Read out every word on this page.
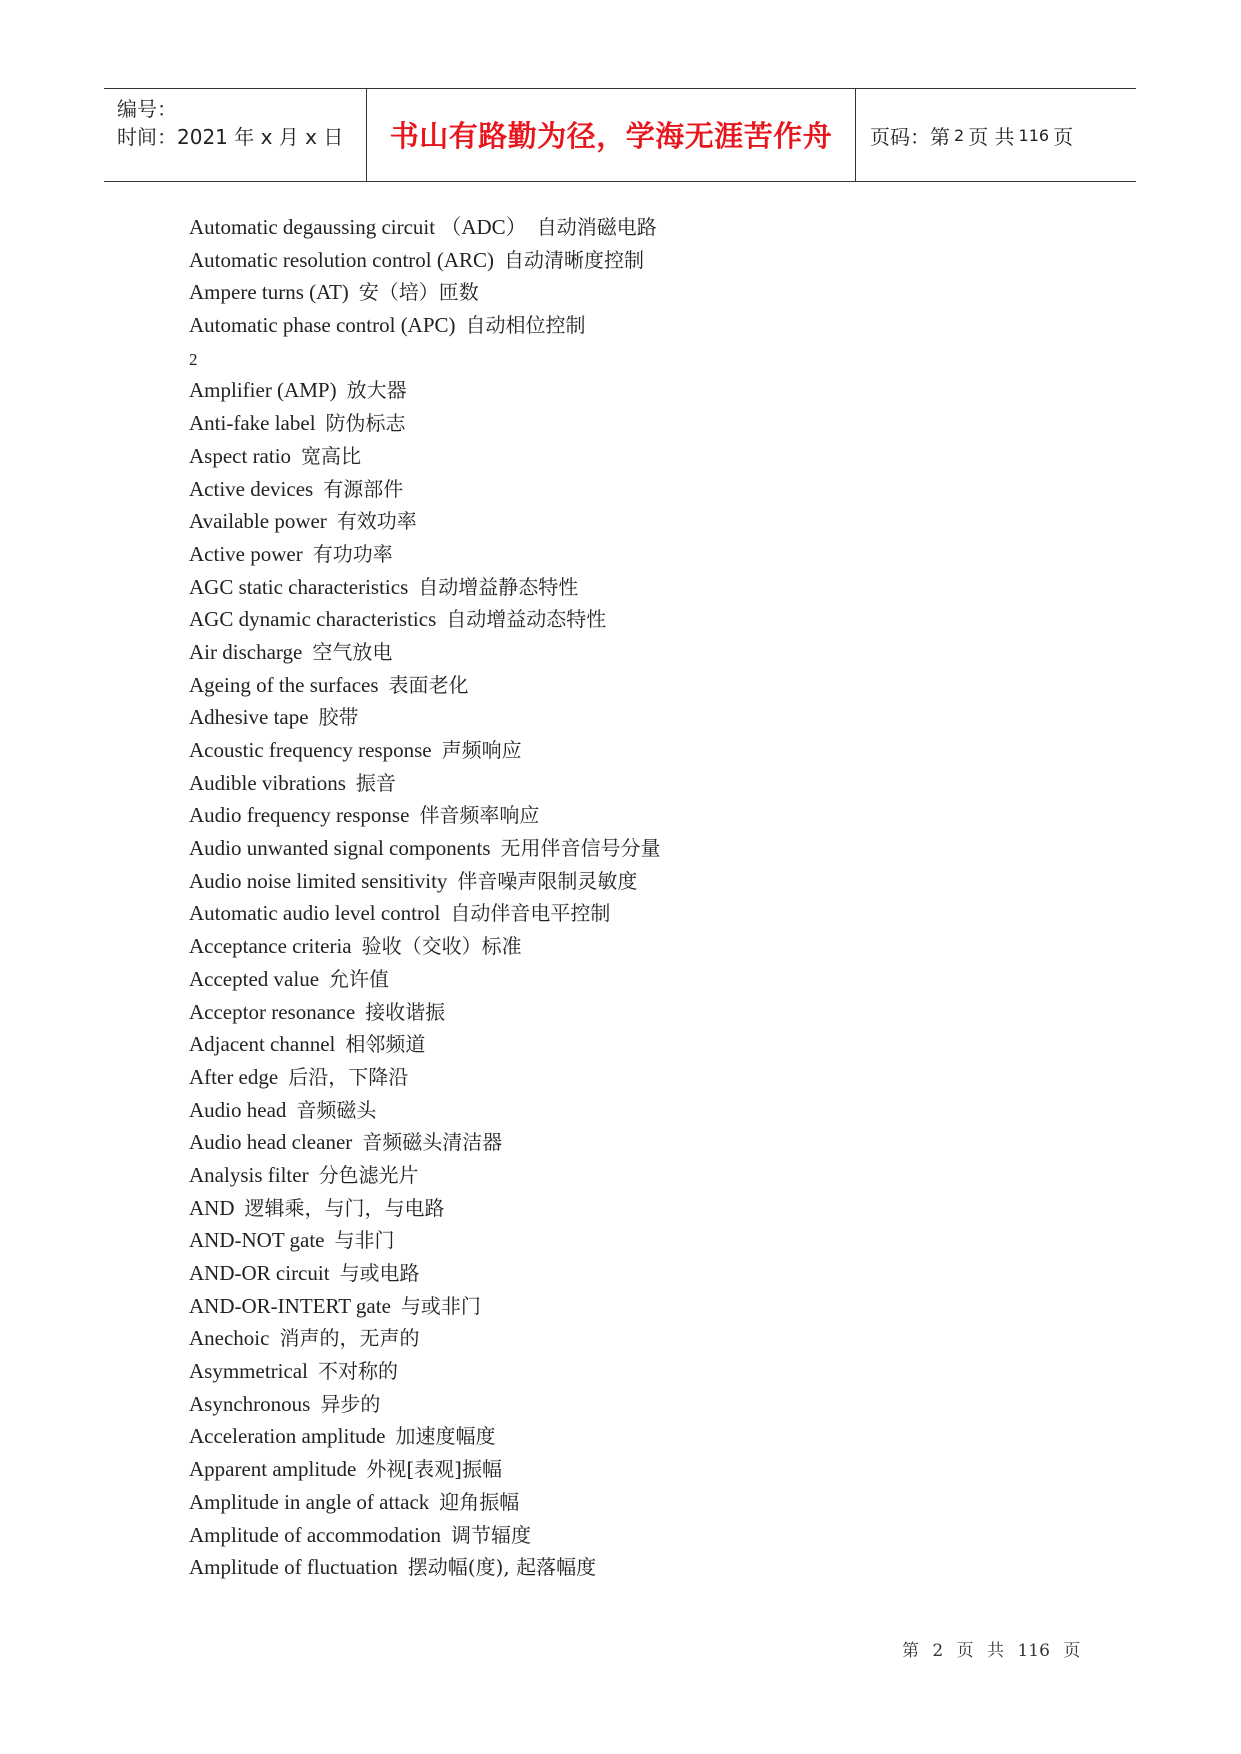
编号：
时间：2021 年 x 月 x 日 书山有路勤为径，学海无涯苦作舟 页码：第 2 页 共 116 页
Automatic degaussing circuit （ADC） 自动消磁电路
Automatic resolution control (ARC) 自动清晰度控制
Ampere turns (AT) 安（培）匝数
Automatic phase control (APC) 自动相位控制
2
Amplifier (AMP) 放大器
Anti-fake label 防伪标志
Aspect ratio 宽高比
Active devices 有源部件
Available power 有效功率
Active power 有功功率
AGC static characteristics 自动增益静态特性
AGC dynamic characteristics 自动增益动态特性
Air discharge 空气放电
Ageing of the surfaces 表面老化
Adhesive tape 胶带
Acoustic frequency response 声频响应
Audible vibrations 振音
Audio frequency response 伴音频率响应
Audio unwanted signal components 无用伴音信号分量
Audio noise limited sensitivity 伴音噪声限制灵敏度
Automatic audio level control 自动伴音电平控制
Acceptance criteria 验收（交收）标准
Accepted value 允许值
Acceptor resonance 接收谐振
Adjacent channel 相邻频道
After edge 后沿，下降沿
Audio head 音频磁头
Audio head cleaner 音频磁头清洁器
Analysis filter 分色滤光片
AND 逻辑乘，与门，与电路
AND-NOT gate 与非门
AND-OR circuit 与或电路
AND-OR-INTERT gate 与或非门
Anechoic 消声的，无声的
Asymmetrical 不对称的
Asynchronous 异步的
Acceleration amplitude 加速度幅度
Apparent amplitude 外视[表观]振幅
Amplitude in angle of attack 迎角振幅
Amplitude of accommodation 调节辐度
Amplitude of fluctuation 摆动幅(度), 起落幅度
第 2 页 共 116 页
